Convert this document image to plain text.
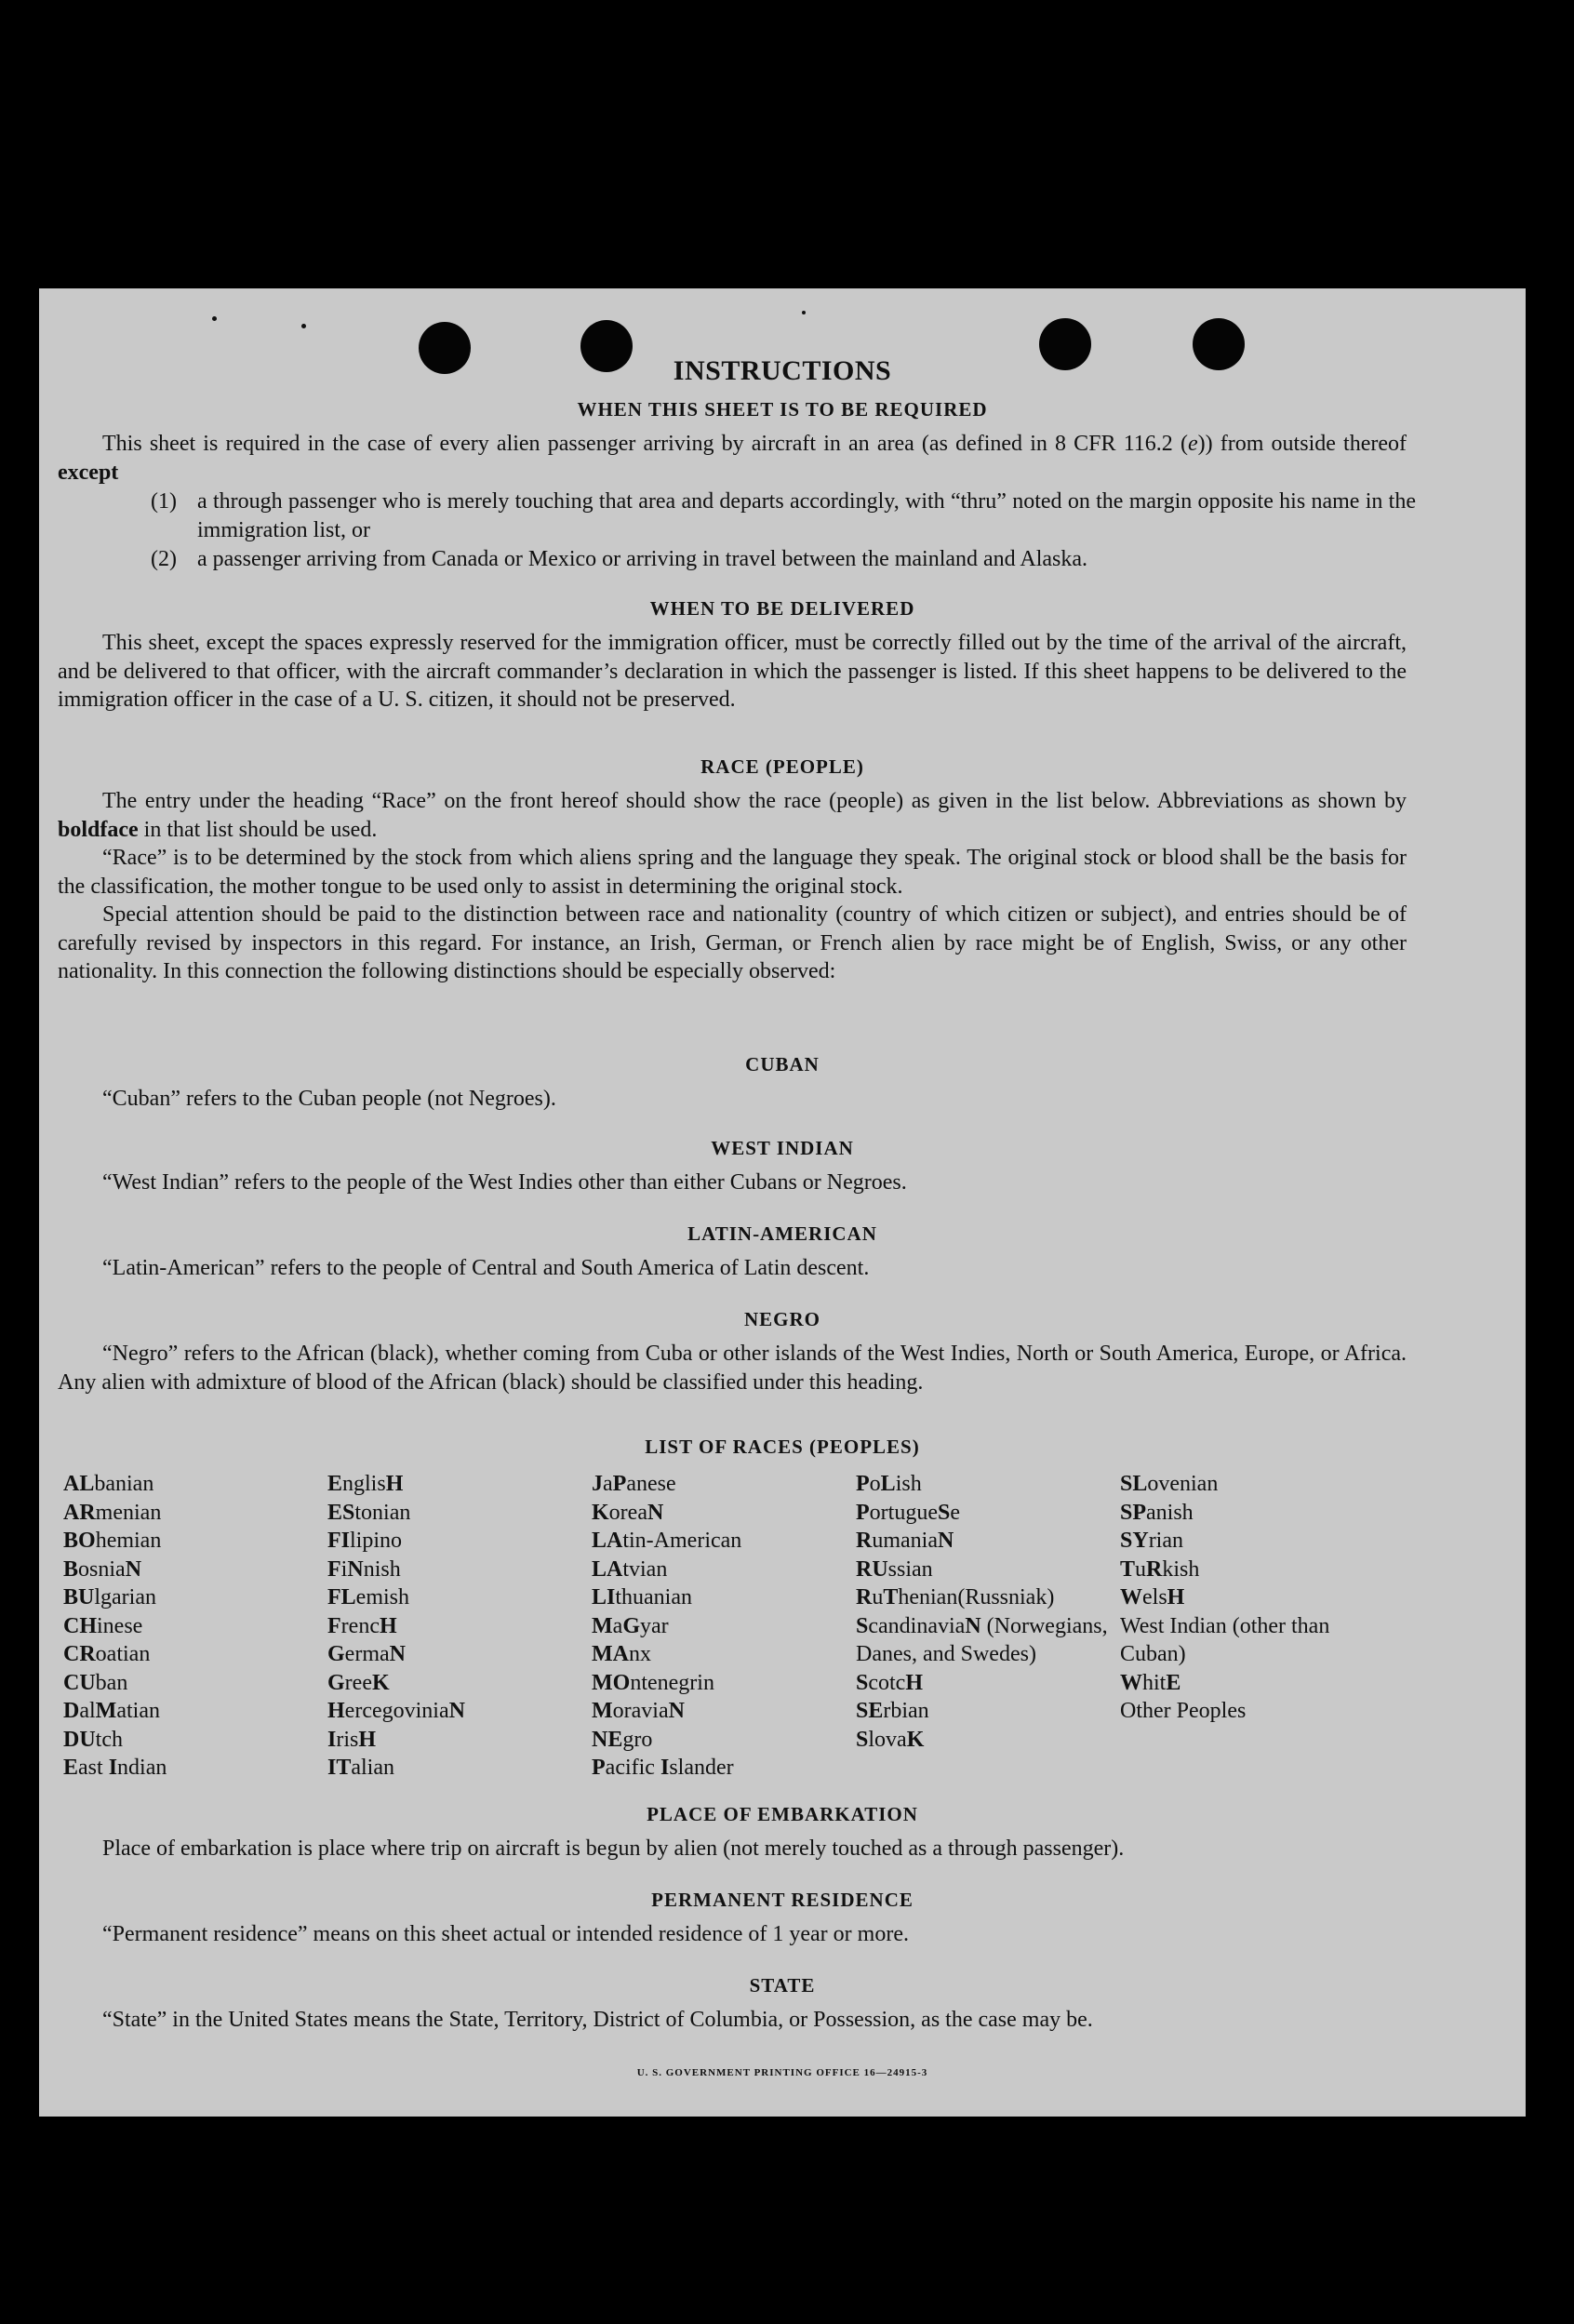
INSTRUCTIONS
WHEN THIS SHEET IS TO BE REQUIRED

This sheet is required in the case of every alien passenger arriving by aircraft in an area (as defined in 8 CFR 116.2 (e)) from outside thereof except

(1) a through passenger who is merely touching that area and departs accordingly, with “thru” noted on the margin opposite his name in the immigration list, or
(2) a passenger arriving from Canada or Mexico or arriving in travel between the mainland and Alaska.
WHEN TO BE DELIVERED

This sheet, except the spaces expressly reserved for the immigration officer, must be correctly filled out by the time of the arrival of the aircraft, and be delivered to that officer, with the aircraft commander’s declaration in which the passenger is listed. If this sheet happens to be delivered to the immigration officer in the case of a U. S. citizen, it should not be preserved.

RACE (PEOPLE)

The entry under the heading “Race” on the front hereof should show the race (people) as given in the list below. Abbreviations as shown by boldface in that list should be used.

“Race” is to be determined by the stock from which aliens spring and the language they speak. The original stock or blood shall be the basis for the classification, the mother tongue to be used only to assist in determining the original stock.

Special attention should be paid to the distinction between race and nationality (country of which citizen or subject), and entries should be of carefully revised by inspectors in this regard. For instance, an Irish, German, or French alien by race might be of English, Swiss, or any other nationality. In this connection the following distinctions should be especially observed:

CUBAN

“Cuban” refers to the Cuban people (not Negroes).

WEST INDIAN

“West Indian” refers to the people of the West Indies other than either Cubans or Negroes.

LATIN-AMERICAN

“Latin-American” refers to the people of Central and South America of Latin descent.

NEGRO

“Negro” refers to the African (black), whether coming from Cuba or other islands of the West Indies, North or South America, Europe, or Africa. Any alien with admixture of blood of the African (black) should be classified under this heading.

LIST OF RACES (PEOPLES)
ALbanian
ARmenian
BOhemian
BosniaN
BUlgarian
CHinese
CRoatian
CUban
DalMatian
DUtch
East Indian
EnglisH
EStonian
FIlipino
FiNnish
FLemish
FrencH
GermaN
GreeK
HercegoviniaN
IrisH
ITalian
JaPanese
KoreaN
LAtin-American
LAtvian
LIthuanian
MaGyar
MAnx
MOntenegrin
MoraviaN
NEgro
Pacific Islander
PoLish
PortugueSe
RumaniaN
RUssian
RuThenian(Russniak)
ScandinaviaN (Norwegians, Danes, and Swedes)
ScotcH
SErbian
SlovaK
SLovenian
SPanish
SYrian
TuRkish
WelsH
West Indian (other than Cuban)
WhitE
Other Peoples
PLACE OF EMBARKATION

Place of embarkation is place where trip on aircraft is begun by alien (not merely touched as a through passenger).

PERMANENT RESIDENCE

“Permanent residence” means on this sheet actual or intended residence of 1 year or more.

STATE

“State” in the United States means the State, Territory, District of Columbia, or Possession, as the case may be.

U. S. GOVERNMENT PRINTING OFFICE 16—24915-3
